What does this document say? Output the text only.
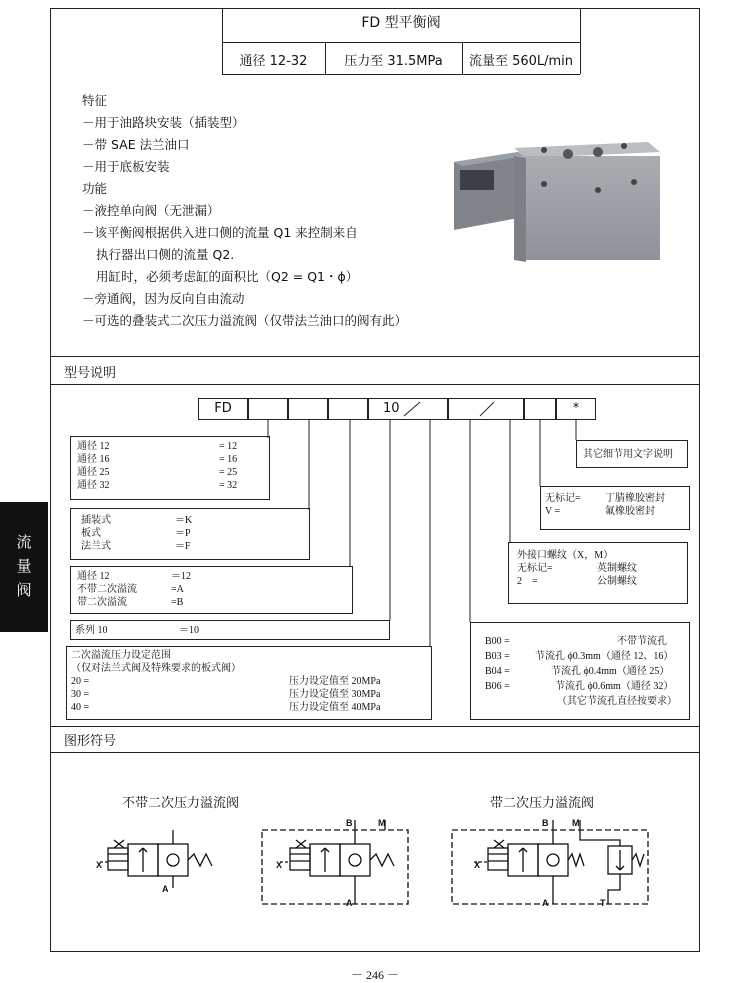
FD 型平衡阀
通径 12-32	压力至 31.5MPa	流量至 560L/min
特征
－用于油路块安装（插装型）
－带 SAE 法兰油口
－用于底板安装
功能
－液控单向阀（无泄漏）
－该平衡阀根据供入进口侧的流量 Q1 来控制来自
执行器出口侧的流量 Q2.
用缸时，必须考虑缸的面积比（Q2 = Q1・ϕ）
－旁通阀，因为反向自由流动
－可选的叠装式二次压力溢流阀（仅带法兰油口的阀有此）
型号说明
FD	10	*
通径 12	= 12
通径 16	= 16
通径 25	= 25
通径 32	= 32
插装式	＝K
板式	＝P
法兰式	＝F
通径 12	＝12
不带二次溢流	=A
带二次溢流	=B
系列 10	＝10
二次溢流压力设定范围
（仅对法兰式阀及特殊要求的板式阀）
20 =	压力设定值至 20MPa
30 =	压力设定值至 30MPa
40 =	压力设定值至 40MPa
其它细节用文字说明
无标记= 丁腈橡胶密封
V =	氟橡胶密封
外接口螺纹（X，M）
无标记=	英制螺纹
2　=	公制螺纹
B00 =	不带节流孔
B03 =	节流孔 ϕ0.3mm（通径 12、16）
B04 =	节流孔 ϕ0.4mm（通径 25）
B06 =	节流孔 ϕ0.6mm（通径 32）
（其它节流孔直径按要求）
图形符号
不带二次压力溢流阀	带二次压力溢流阀
X
A
X
B	M
A
X
B	M
A	T
流
量
阀
－ 246 －
